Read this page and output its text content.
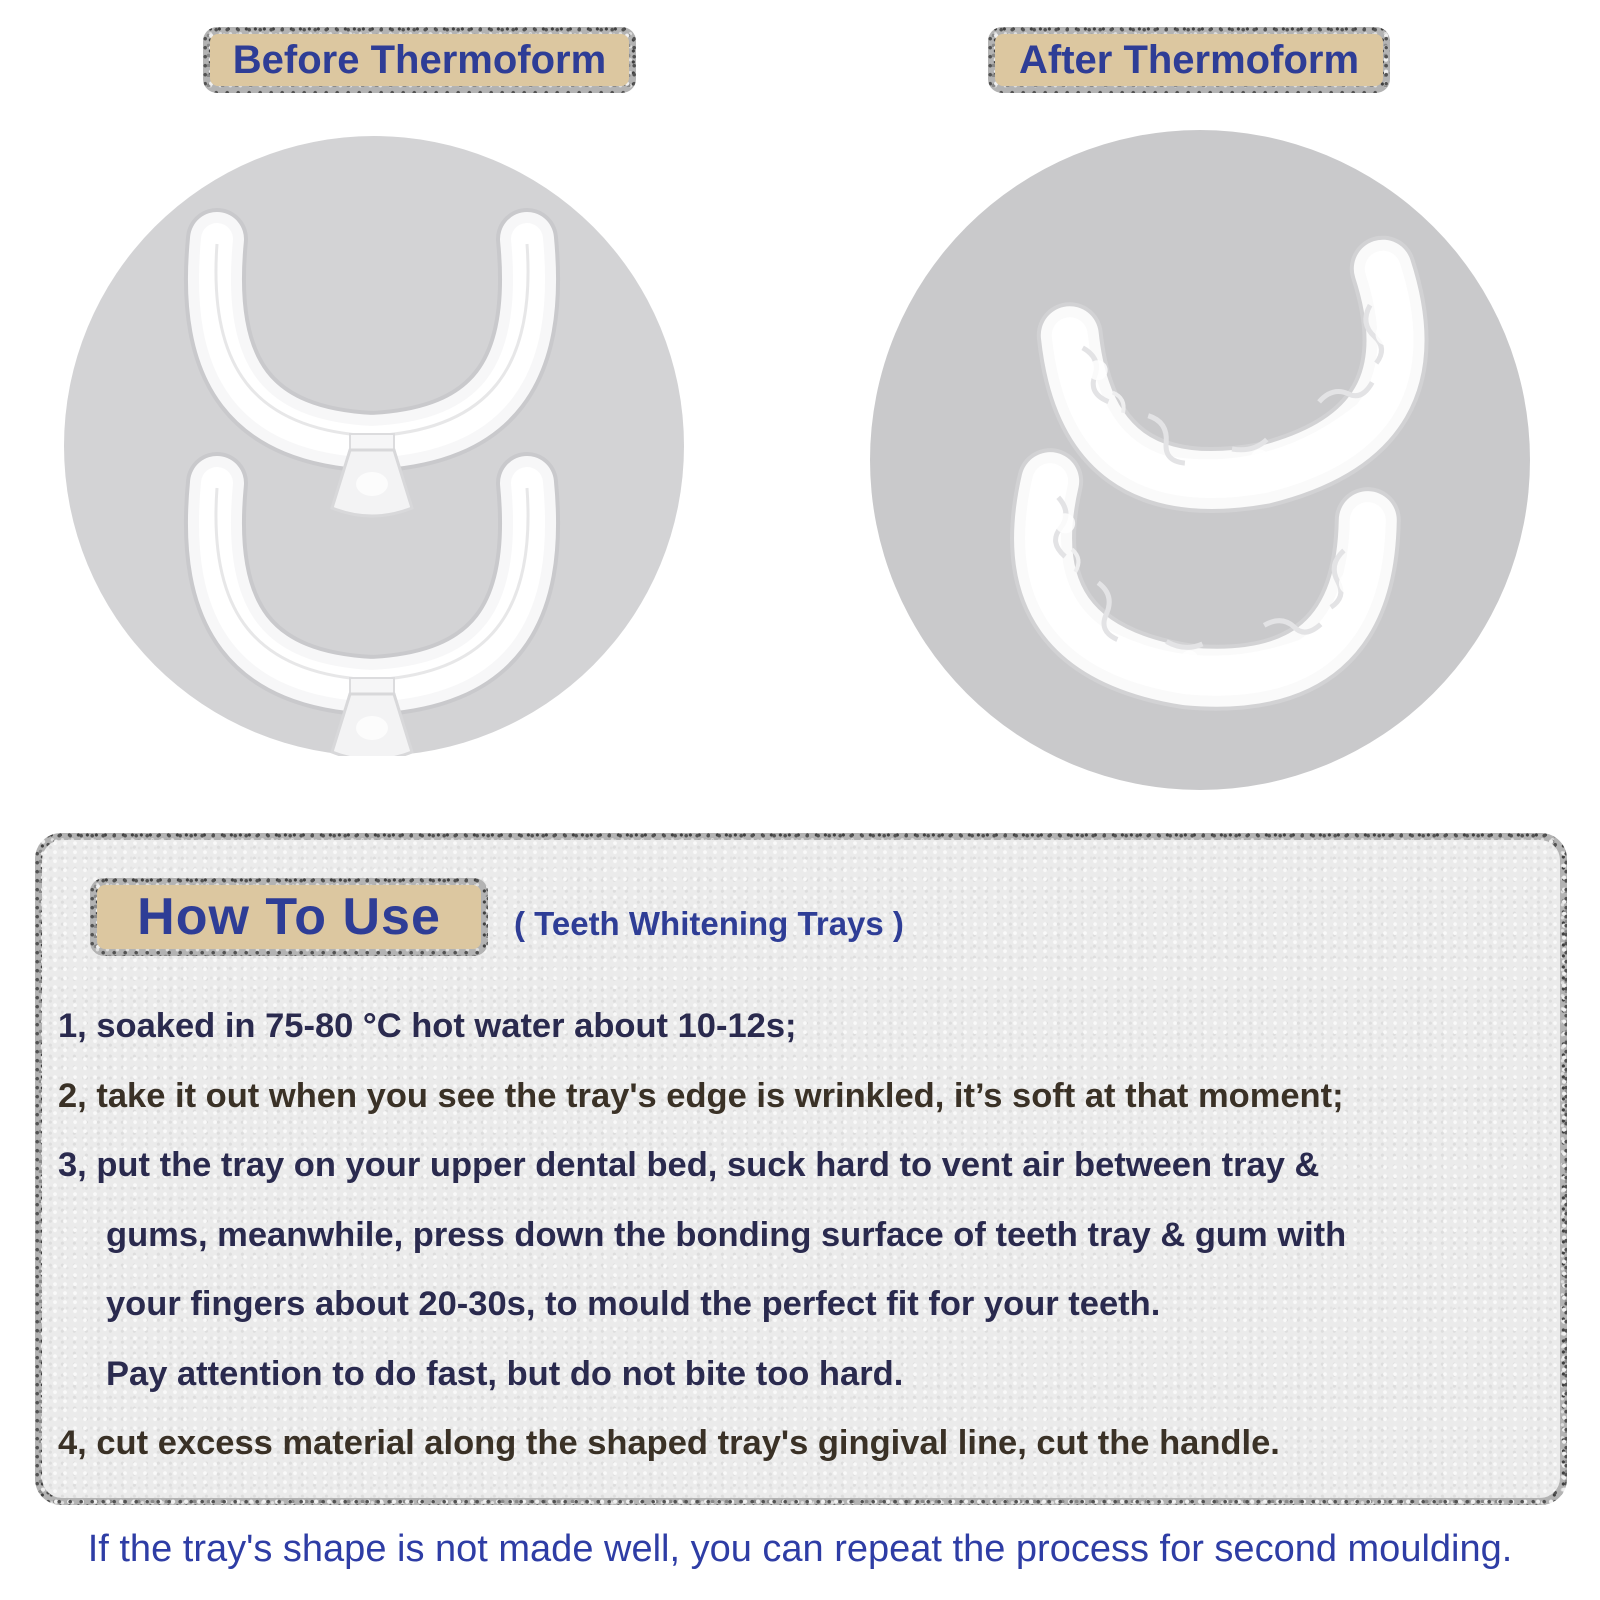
Before Thermoform	After Thermoform
How To Use	( Teeth Whitening Trays )
1, soaked in 75-80 °C hot water about 10-12s;
2, take it out when you see the tray's edge is wrinkled, it’s soft at that moment;
3, put the tray on your upper dental bed, suck hard to vent air between tray &
gums, meanwhile, press down the bonding surface of teeth tray & gum with
your fingers about 20-30s, to mould the perfect fit for your teeth.
Pay attention to do fast, but do not bite too hard.
4, cut excess material along the shaped tray's gingival line, cut the handle.
If the tray's shape is not made well, you can repeat the process for second moulding.
